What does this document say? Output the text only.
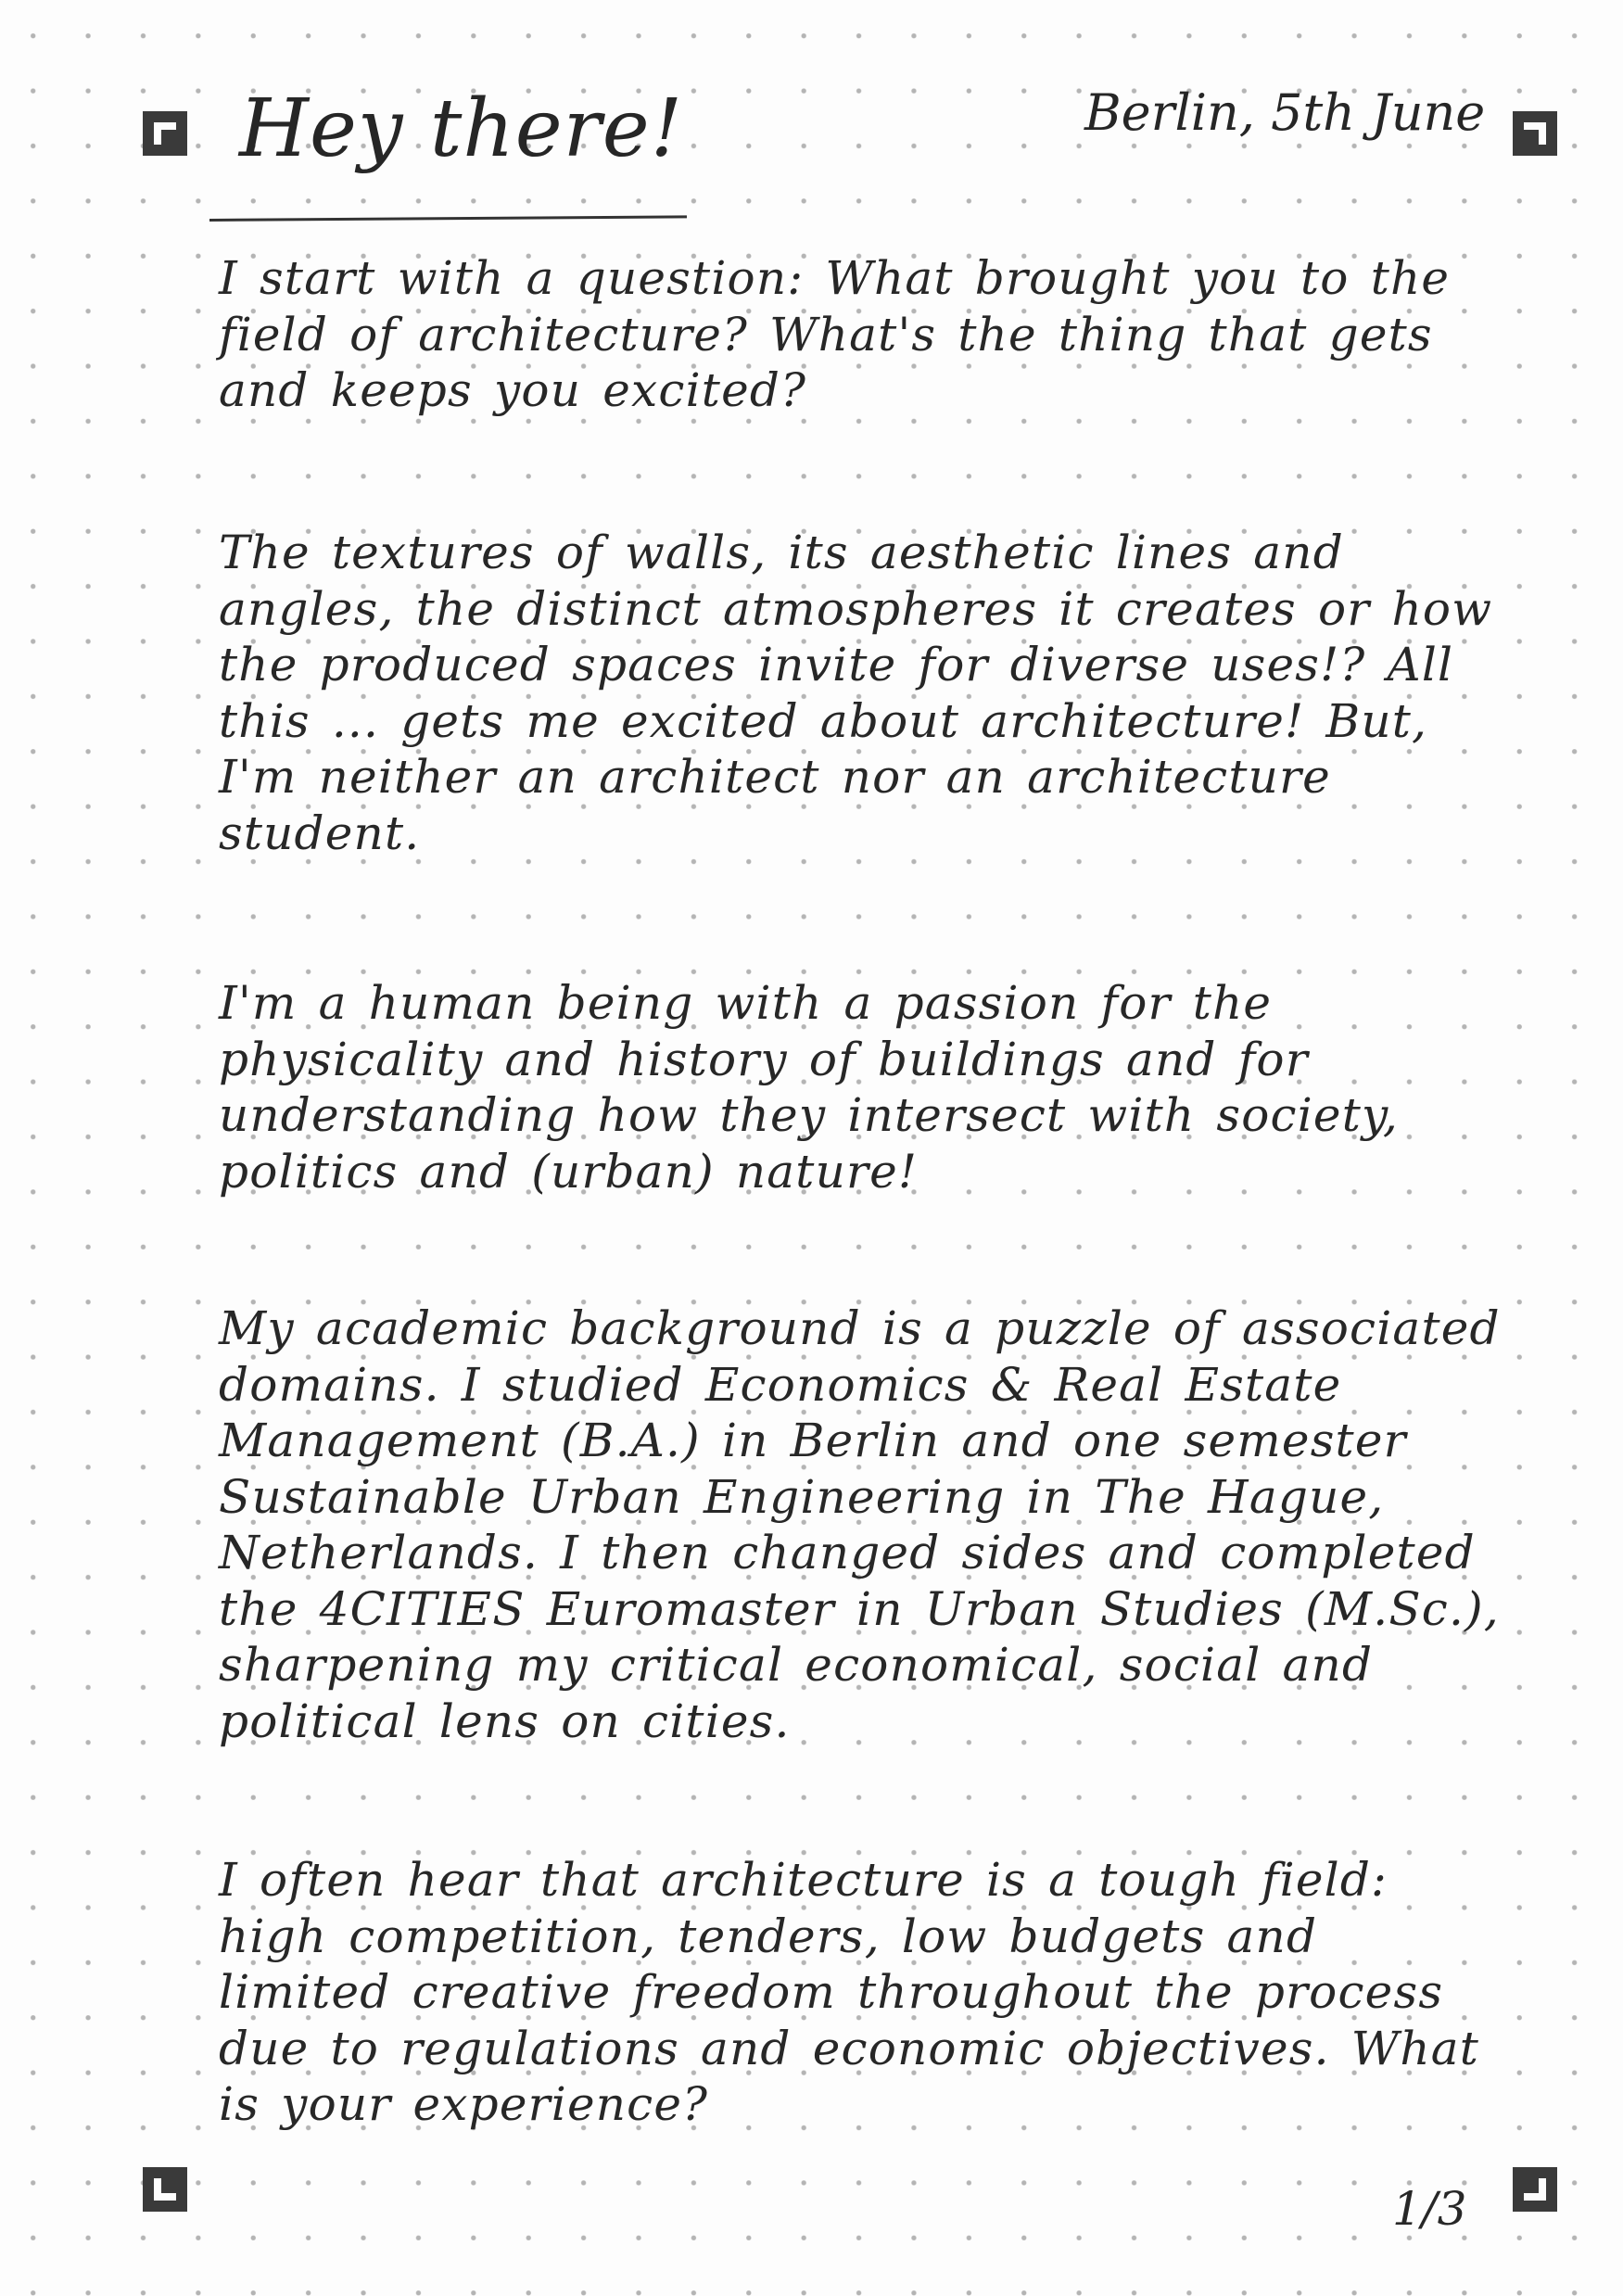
Hey there!	Berlin, 5th June

I start with a question: What brought you to the field of architecture? What's the thing that gets and keeps you excited?

The textures of walls, its aesthetic lines and angles, the distinct atmospheres it creates or how the produced spaces invite for diverse uses!? All this ... gets me excited about architecture! But, I'm neither an architect nor an architecture student.

I'm a human being with a passion for the physicality and history of buildings and for understanding how they intersect with society, politics and (urban) nature!

My academic background is a puzzle of associated domains. I studied Economics & Real Estate Management (B.A.) in Berlin and one semester Sustainable Urban Engineering in The Hague, Netherlands. I then changed sides and completed the 4CITIES Euromaster in Urban Studies (M.Sc.), sharpening my critical economical, social and political lens on cities.

I often hear that architecture is a tough field: high competition, tenders, low budgets and limited creative freedom throughout the process due to regulations and economic objectives. What is your experience?

1/3
